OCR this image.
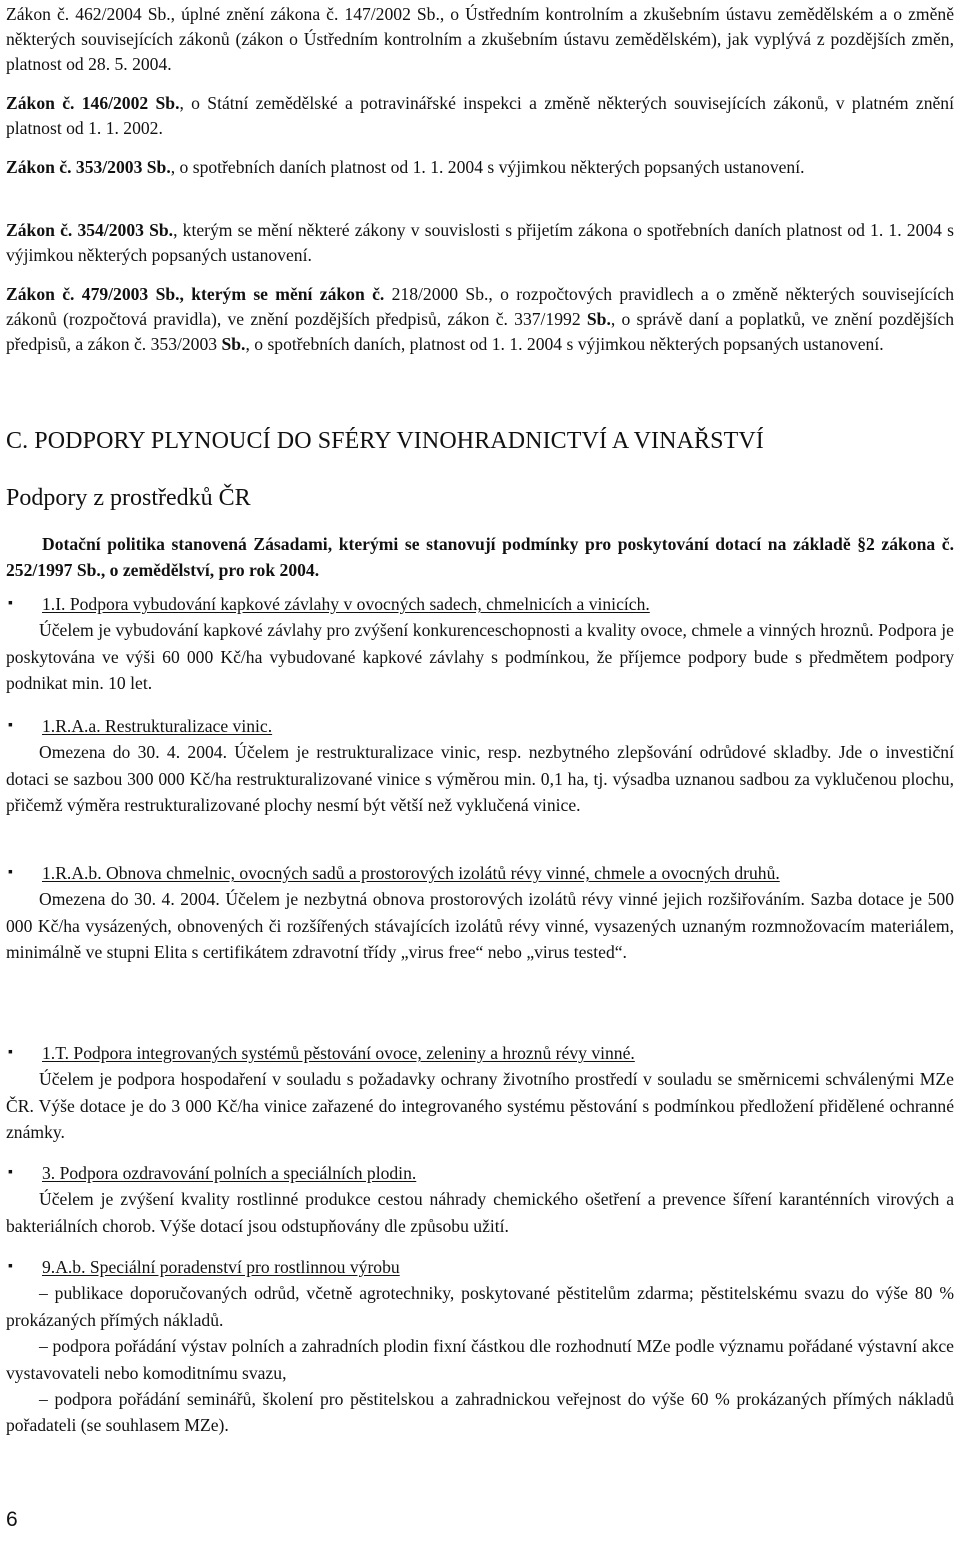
Zákon č. 462/2004 Sb., úplné znění zákona č. 147/2002 Sb., o Ústředním kontrolním a zkušebním ústavu zemědělském a o změně některých souvisejících zákonů (zákon o Ústředním kontrolním a zkušebním ústavu zemědělském), jak vyplývá z pozdějších změn, platnost od 28. 5. 2004.

Zákon č. 146/2002 Sb., o Státní zemědělské a potravinářské inspekci a změně některých souvisejících zákonů, v platném znění platnost od 1. 1. 2002.

Zákon č. 353/2003 Sb., o spotřebních daních platnost od 1. 1. 2004 s výjimkou některých popsaných ustanovení.

Zákon č. 354/2003 Sb., kterým se mění některé zákony v souvislosti s přijetím zákona o spotřebních daních platnost od 1. 1. 2004 s výjimkou některých popsaných ustanovení.

Zákon č. 479/2003 Sb., kterým se mění zákon č. 218/2000 Sb., o rozpočtových pravidlech a o změně některých souvisejících zákonů (rozpočtová pravidla), ve znění pozdějších předpisů, zákon č. 337/1992 Sb., o správě daní a poplatků, ve znění pozdějších předpisů, a zákon č. 353/2003 Sb., o spotřebních daních, platnost od 1. 1. 2004 s výjimkou některých popsaných ustanovení.

C. PODPORY PLYNOUCÍ DO SFÉRY VINOHRADNICTVÍ A VINAŘSTVÍ
Podpory z prostředků ČR

Dotační politika stanovená Zásadami, kterými se stanovují podmínky pro poskytování dotací na základě §2 zákona č. 252/1997 Sb., o zemědělství, pro rok 2004.

▪ 1.I. Podpora vybudování kapkové závlahy v ovocných sadech, chmelnicích a vinicích.
Účelem je vybudování kapkové závlahy pro zvýšení konkurenceschopnosti a kvality ovoce, chmele a vinných hroznů. Podpora je poskytována ve výši 60 000 Kč/ha vybudované kapkové závlahy s podmínkou, že příjemce podpory bude s předmětem podpory podnikat min. 10 let.
▪ 1.R.A.a. Restrukturalizace vinic.
Omezena do 30. 4. 2004. Účelem je restrukturalizace vinic, resp. nezbytného zlepšování odrůdové skladby. Jde o investiční dotaci se sazbou 300 000 Kč/ha restrukturalizované vinice s výměrou min. 0,1 ha, tj. výsadba uznanou sadbou za vyklučenou plochu, přičemž výměra restrukturalizované plochy nesmí být větší než vyklučená vinice.
▪ 1.R.A.b. Obnova chmelnic, ovocných sadů a prostorových izolátů révy vinné, chmele a ovocných druhů.
Omezena do 30. 4. 2004. Účelem je nezbytná obnova prostorových izolátů révy vinné jejich rozšiřováním. Sazba dotace je 500 000 Kč/ha vysázených, obnovených či rozšířených stávajících izolátů révy vinné, vysazených uznaným rozmnožovacím materiálem, minimálně ve stupni Elita s certifikátem zdravotní třídy „virus free“ nebo „virus tested“.
▪ 1.T. Podpora integrovaných systémů pěstování ovoce, zeleniny a hroznů révy vinné.
Účelem je podpora hospodaření v souladu s požadavky ochrany životního prostředí v souladu se směrnicemi schválenými MZe ČR. Výše dotace je do 3 000 Kč/ha vinice zařazené do integrovaného systému pěstování s podmínkou předložení přidělené ochranné známky.
▪ 3. Podpora ozdravování polních a speciálních plodin.
Účelem je zvýšení kvality rostlinné produkce cestou náhrady chemického ošetření a prevence šíření karanténních virových a bakteriálních chorob. Výše dotací jsou odstupňovány dle způsobu užití.
▪ 9.A.b. Speciální poradenství pro rostlinnou výrobu
– publikace doporučovaných odrůd, včetně agrotechniky, poskytované pěstitelům zdarma; pěstitelskému svazu do výše 80 % prokázaných přímých nákladů.
– podpora pořádání výstav polních a zahradních plodin fixní částkou dle rozhodnutí MZe podle významu pořádané výstavní akce vystavovateli nebo komoditnímu svazu,
– podpora pořádání seminářů, školení pro pěstitelskou a zahradnickou veřejnost do výše 60 % prokázaných přímých nákladů pořadateli (se souhlasem MZe).
6
